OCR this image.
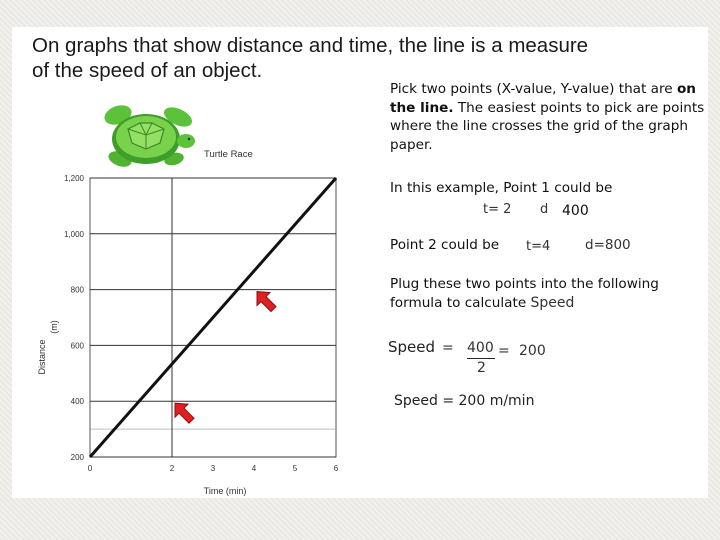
On graphs that show distance and time, the line is a measure of the speed of an object.
Turtle Race
0	2	3	4	5	6
200
400
600
800
1,000
1,200
Time (min)
Distance
(m)

Pick two points (X-value, Y-value) that are on the line. The easiest points to pick are points where the line crosses the grid of the graph paper.

In this example, Point 1 could be
t= 2 d 400
Point 2 could be	t=4	d=800
Plug these two points into the following formula to calculate Speed
Speed = 400
2
= 200
Speed = 200 m/min
